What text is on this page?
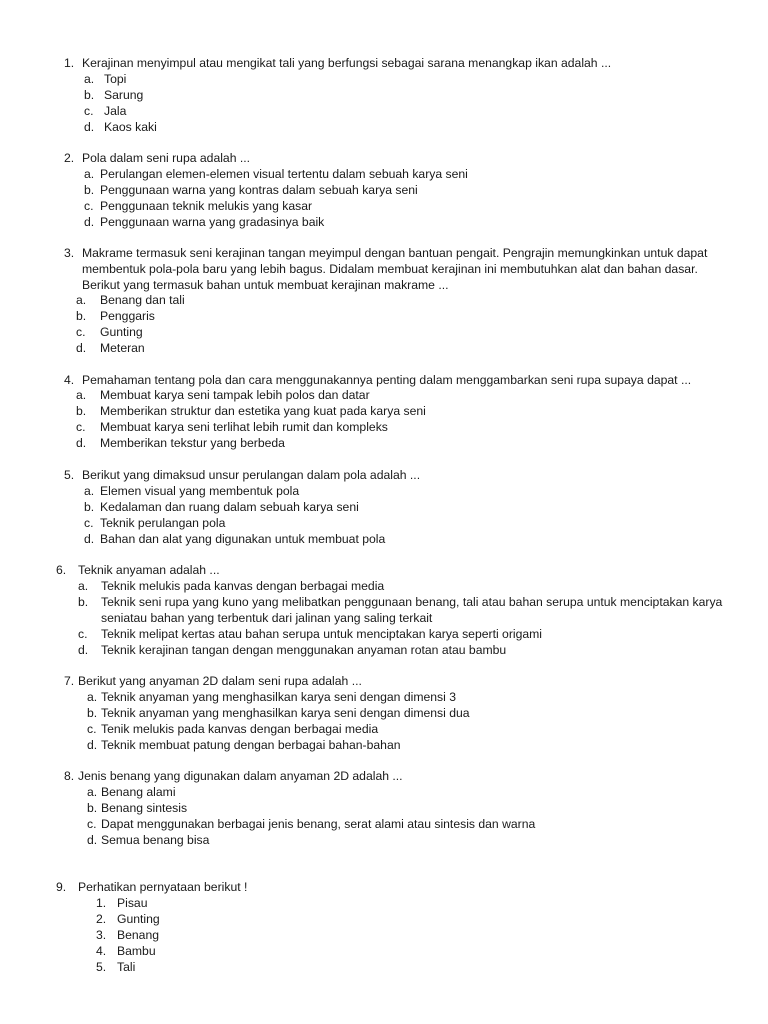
1. Kerajinan menyimpul atau mengikat tali yang berfungsi sebagai sarana menangkap ikan adalah ...
a. Topi
b. Sarung
c. Jala
d. Kaos kaki
2. Pola dalam seni rupa adalah ...
a. Perulangan elemen-elemen visual tertentu dalam sebuah karya seni
b. Penggunaan warna yang kontras dalam sebuah karya seni
c. Penggunaan teknik melukis yang kasar
d. Penggunaan warna yang gradasinya baik
3. Makrame termasuk seni kerajinan tangan meyimpul dengan bantuan pengait. Pengrajin memungkinkan untuk dapat
membentuk pola-pola baru yang lebih bagus. Didalam membuat kerajinan ini membutuhkan alat dan bahan dasar.
Berikut yang termasuk bahan untuk membuat kerajinan makrame ...
a. Benang dan tali
b. Penggaris
c. Gunting
d. Meteran
4. Pemahaman tentang pola dan cara menggunakannya penting dalam menggambarkan seni rupa supaya dapat ...
a. Membuat karya seni tampak lebih polos dan datar
b. Memberikan struktur dan estetika yang kuat pada karya seni
c. Membuat karya seni terlihat lebih rumit dan kompleks
d. Memberikan tekstur yang berbeda
5. Berikut yang dimaksud unsur perulangan dalam pola adalah ...
a. Elemen visual yang membentuk pola
b. Kedalaman dan ruang dalam sebuah karya seni
c. Teknik perulangan pola
d. Bahan dan alat yang digunakan untuk membuat pola
6. Teknik anyaman adalah ...
a. Teknik melukis pada kanvas dengan berbagai media
b. Teknik seni rupa yang kuno yang melibatkan penggunaan benang, tali atau bahan serupa untuk menciptakan karya
seniatau bahan yang terbentuk dari jalinan yang saling terkait
c. Teknik melipat kertas atau bahan serupa untuk menciptakan karya seperti origami
d. Teknik kerajinan tangan dengan menggunakan anyaman rotan atau bambu
7. Berikut yang anyaman 2D dalam seni rupa adalah ...
a. Teknik anyaman yang menghasilkan karya seni dengan dimensi 3
b. Teknik anyaman yang menghasilkan karya seni dengan dimensi dua
c. Tenik melukis pada kanvas dengan berbagai media
d. Teknik membuat patung dengan berbagai bahan-bahan
8. Jenis benang yang digunakan dalam anyaman 2D adalah ...
a. Benang alami
b. Benang sintesis
c. Dapat menggunakan berbagai jenis benang, serat alami atau sintesis dan warna
d. Semua benang bisa
9. Perhatikan pernyataan berikut !
1. Pisau
2. Gunting
3. Benang
4. Bambu
5. Tali
